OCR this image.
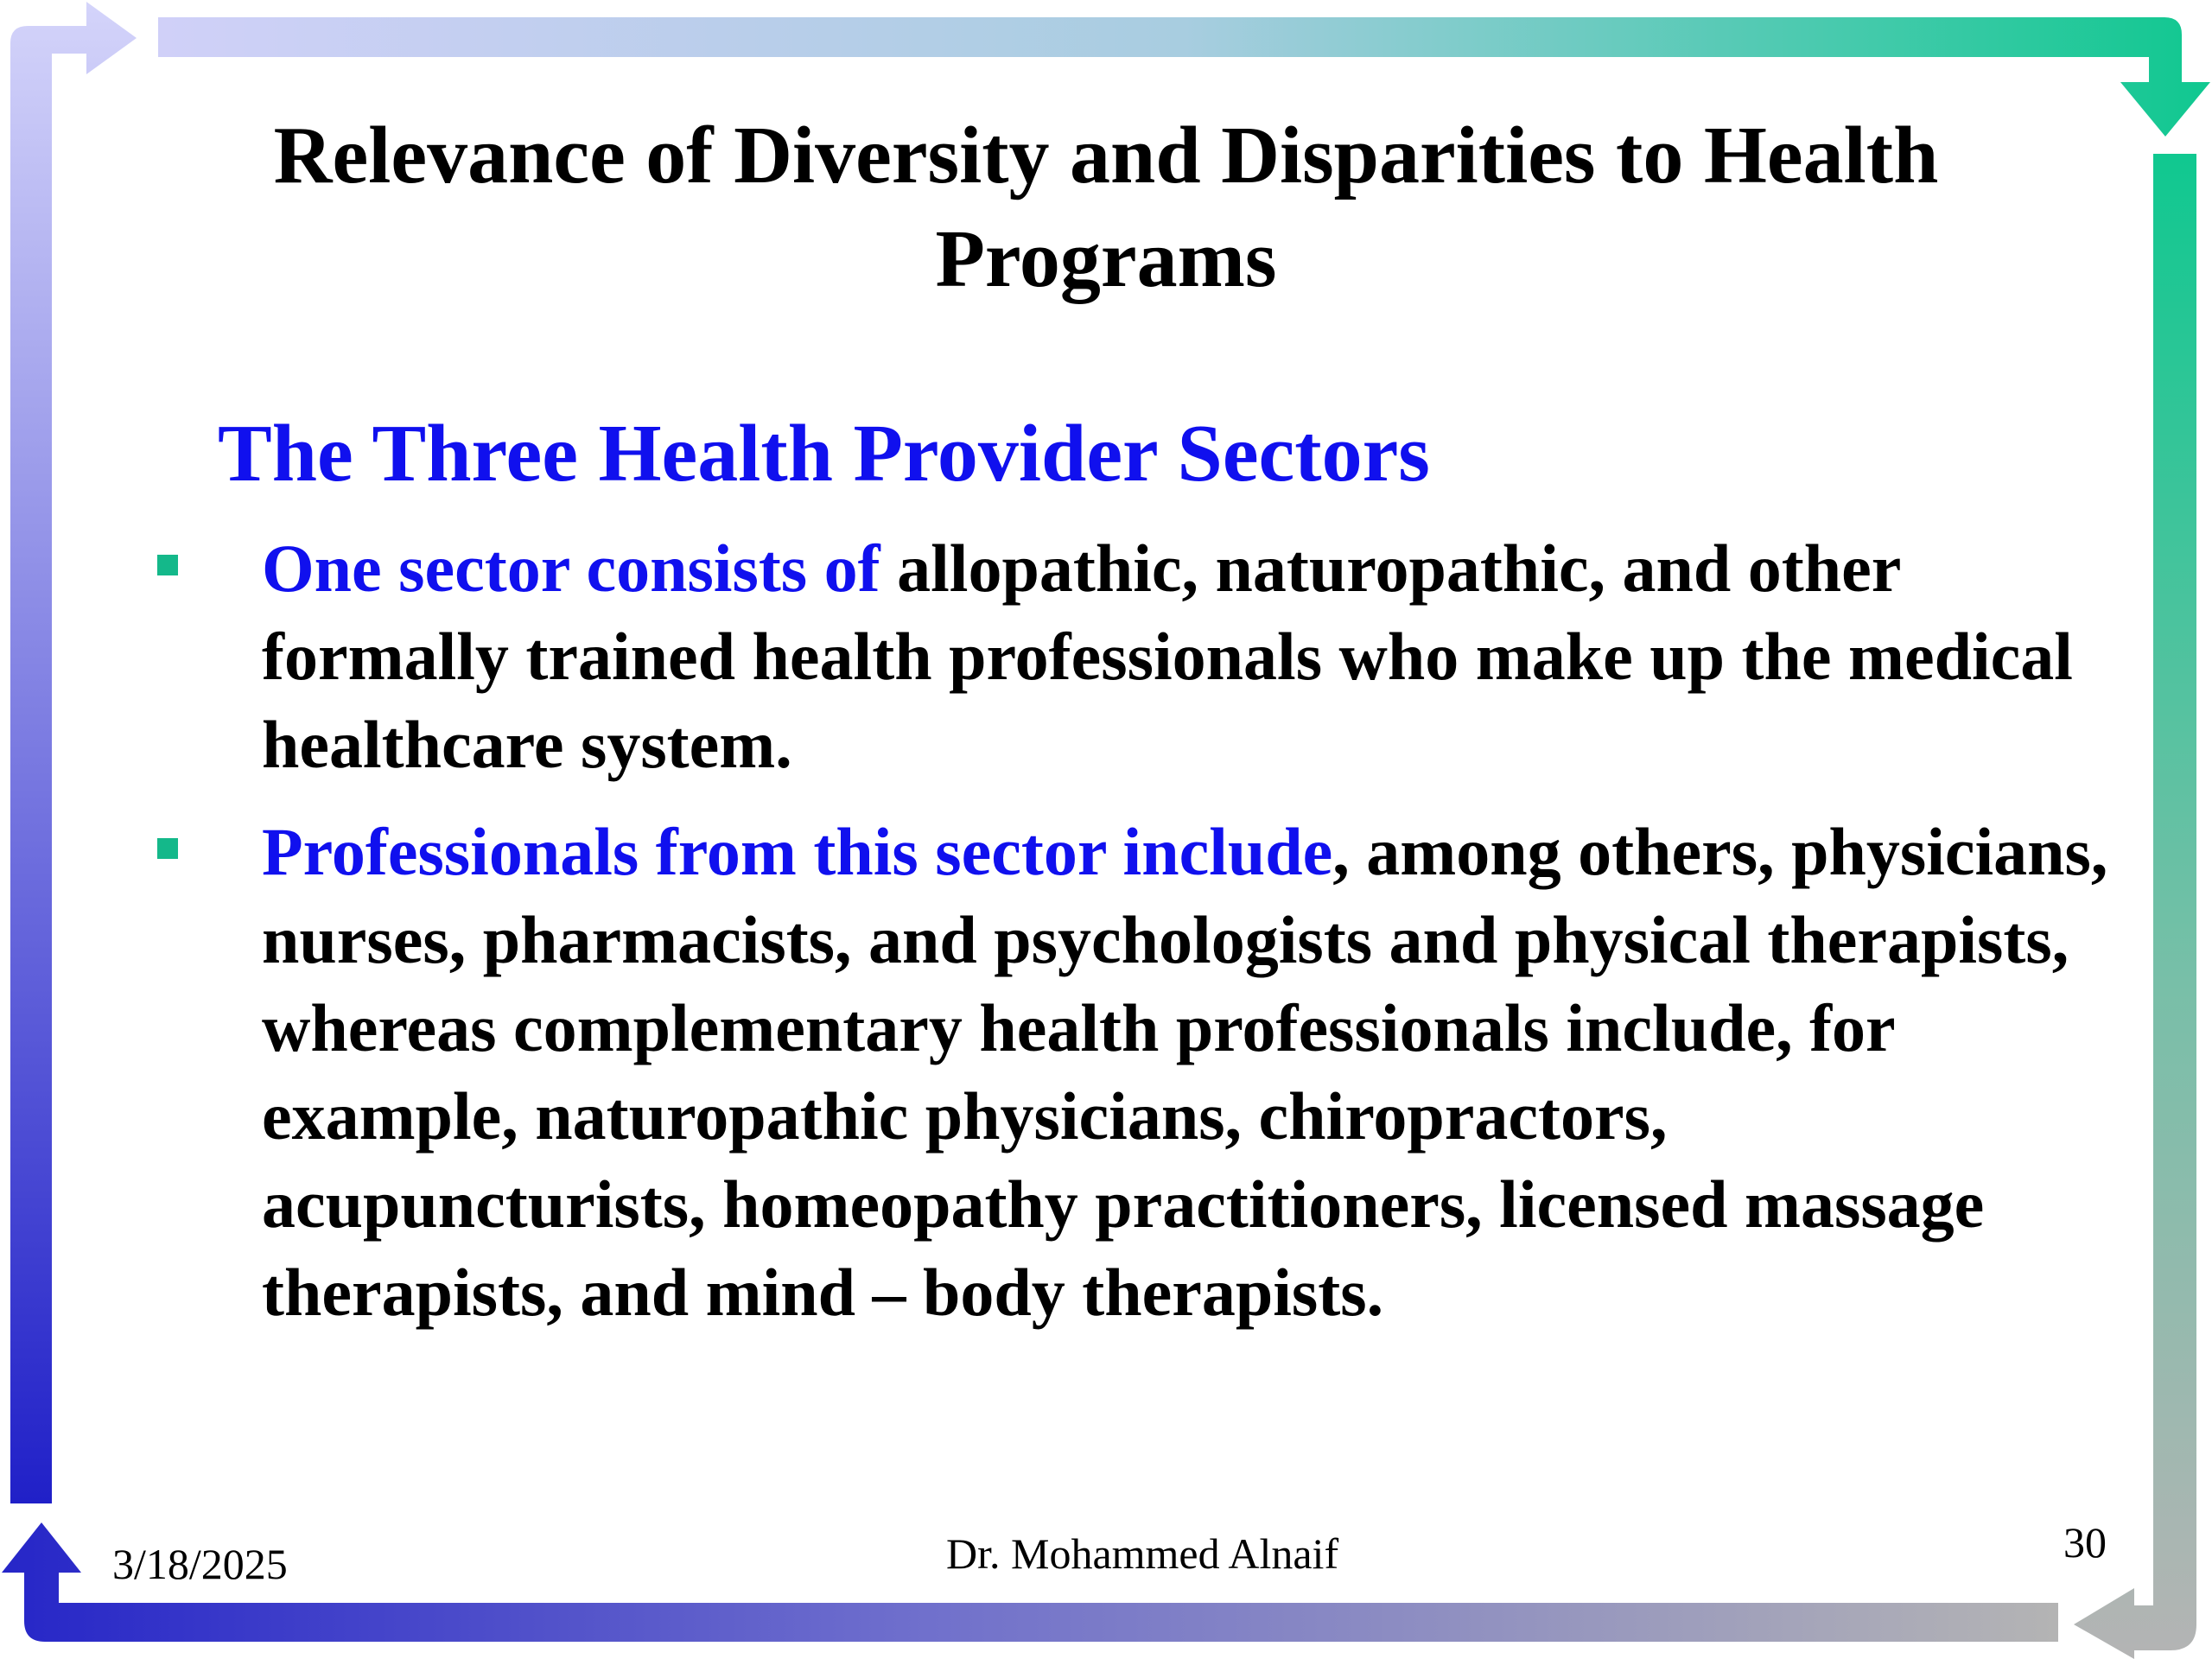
Relevance of Diversity and Disparities to Health
Programs
The Three Health Provider Sectors
One sector consists of allopathic, naturopathic, and other formally trained health professionals who make up the medical healthcare system.
Professionals from this sector include, among others, physicians, nurses, pharmacists, and psychologists and physical therapists, whereas complementary health professionals include, for example, naturopathic physicians, chiropractors, acupuncturists, homeopathy practitioners, licensed massage therapists, and mind – body therapists.
3/18/2025	Dr. Mohammed Alnaif	30
